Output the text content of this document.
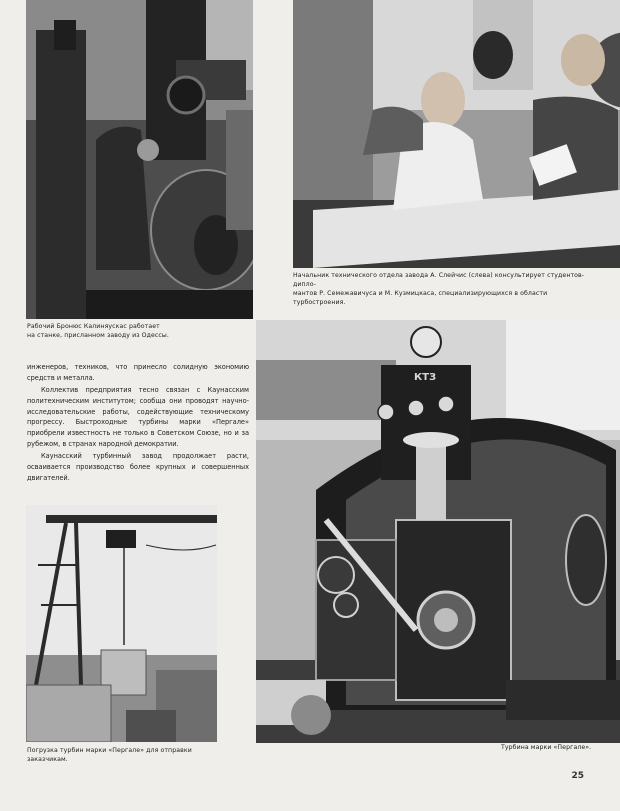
Рабочий Бронюс Калиняускас работает
на станке, присланном заводу из Одессы.

Начальник технического отдела завода А. Слейчис (слева) консультирует студентов-дипло-
мантов Р. Семежавичуса и М. Кузмицкаса, специализирующихся в области турбостроения.

инженеров, техников, что принесло солидную экономию средств и металла.

Коллектив предприятия тесно связан с Каунасским политехническим институтом; сообща они проводят научно-исследовательские работы, содействующие техническому прогрессу. Быстроходные турбины марки «Пергале» приобрели известность не только в Советском Союзе, но и за рубежом, в странах народной демократии.

Каунасский турбинный завод продолжает расти, осваивается производство более крупных и совершенных двигателей.

Погрузка турбин марки «Пергале» для отправки заказчикам.

КТЗ

Турбина марки «Пергале».

25
